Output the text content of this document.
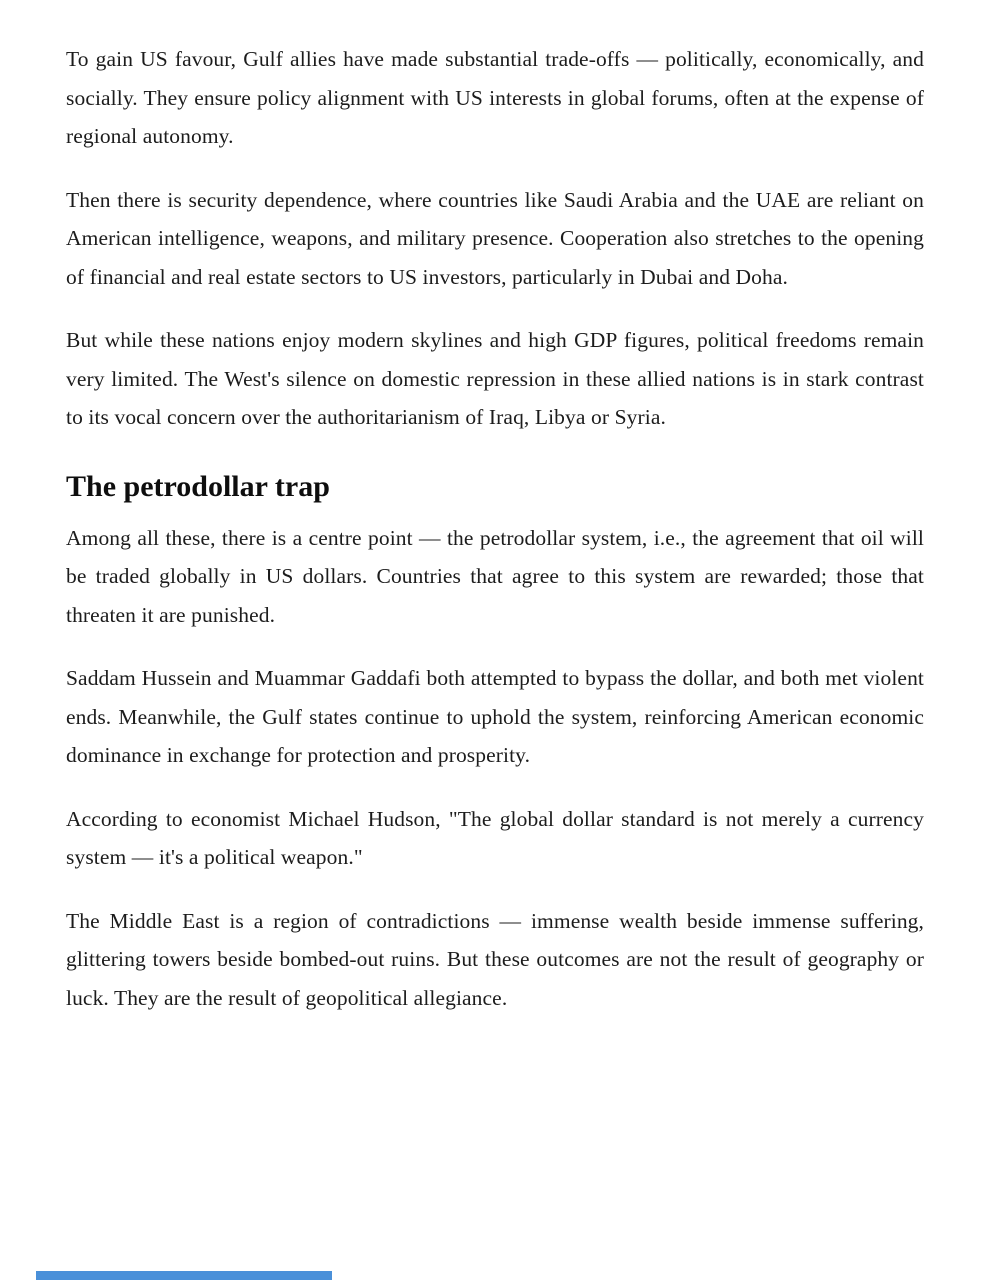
To gain US favour, Gulf allies have made substantial trade-offs — politically, economically, and socially. They ensure policy alignment with US interests in global forums, often at the expense of regional autonomy.

Then there is security dependence, where countries like Saudi Arabia and the UAE are reliant on American intelligence, weapons, and military presence. Cooperation also stretches to the opening of financial and real estate sectors to US investors, particularly in Dubai and Doha.

But while these nations enjoy modern skylines and high GDP figures, political freedoms remain very limited. The West's silence on domestic repression in these allied nations is in stark contrast to its vocal concern over the authoritarianism of Iraq, Libya or Syria.

The petrodollar trap

Among all these, there is a centre point — the petrodollar system, i.e., the agreement that oil will be traded globally in US dollars. Countries that agree to this system are rewarded; those that threaten it are punished.

Saddam Hussein and Muammar Gaddafi both attempted to bypass the dollar, and both met violent ends. Meanwhile, the Gulf states continue to uphold the system, reinforcing American economic dominance in exchange for protection and prosperity.

According to economist Michael Hudson, "The global dollar standard is not merely a currency system — it's a political weapon."

The Middle East is a region of contradictions — immense wealth beside immense suffering, glittering towers beside bombed-out ruins. But these outcomes are not the result of geography or luck. They are the result of geopolitical allegiance.
